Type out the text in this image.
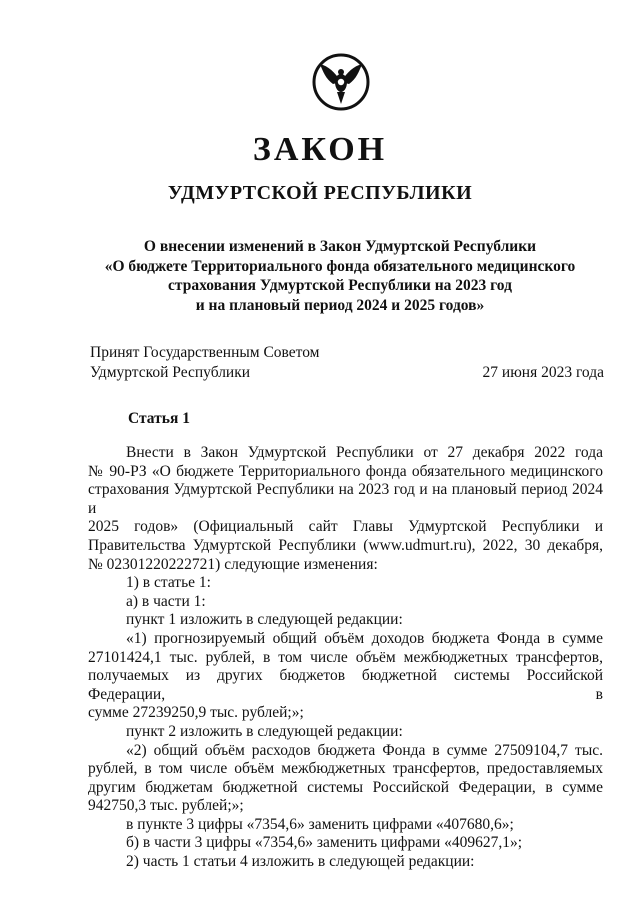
ЗАКОН
УДМУРТСКОЙ РЕСПУБЛИКИ
О внесении изменений в Закон Удмуртской Республики
«О бюджете Территориального фонда обязательного медицинского
страхования Удмуртской Республики на 2023 год
и на плановый период 2024 и 2025 годов»
Принят Государственным Советом
Удмуртской Республики	27 июня 2023 года
Статья 1

Внести в Закон Удмуртской Республики от 27 декабря 2022 года

№ 90-РЗ «О бюджете Территориального фонда обязательного медицинского

страхования Удмуртской Республики на 2023 год и на плановый период 2024 и

2025 годов» (Официальный сайт Главы Удмуртской Республики и

Правительства Удмуртской Республики (www.udmurt.ru), 2022, 30 декабря,

№ 02301220222721) следующие изменения:

1) в статье 1:

а) в части 1:

пункт 1 изложить в следующей редакции:

«1) прогнозируемый общий объём доходов бюджета Фонда в сумме

27101424,1 тыс. рублей, в том числе объём межбюджетных трансфертов,

получаемых из других бюджетов бюджетной системы Российской Федерации, в

сумме 27239250,9 тыс. рублей;»;

пункт 2 изложить в следующей редакции:

«2) общий объём расходов бюджета Фонда в сумме 27509104,7 тыс.

рублей, в том числе объём межбюджетных трансфертов, предоставляемых

другим бюджетам бюджетной системы Российской Федерации, в сумме

942750,3 тыс. рублей;»;

в пункте 3 цифры «7354,6» заменить цифрами «407680,6»;

б) в части 3 цифры «7354,6» заменить цифрами «409627,1»;

2) часть 1 статьи 4 изложить в следующей редакции:
